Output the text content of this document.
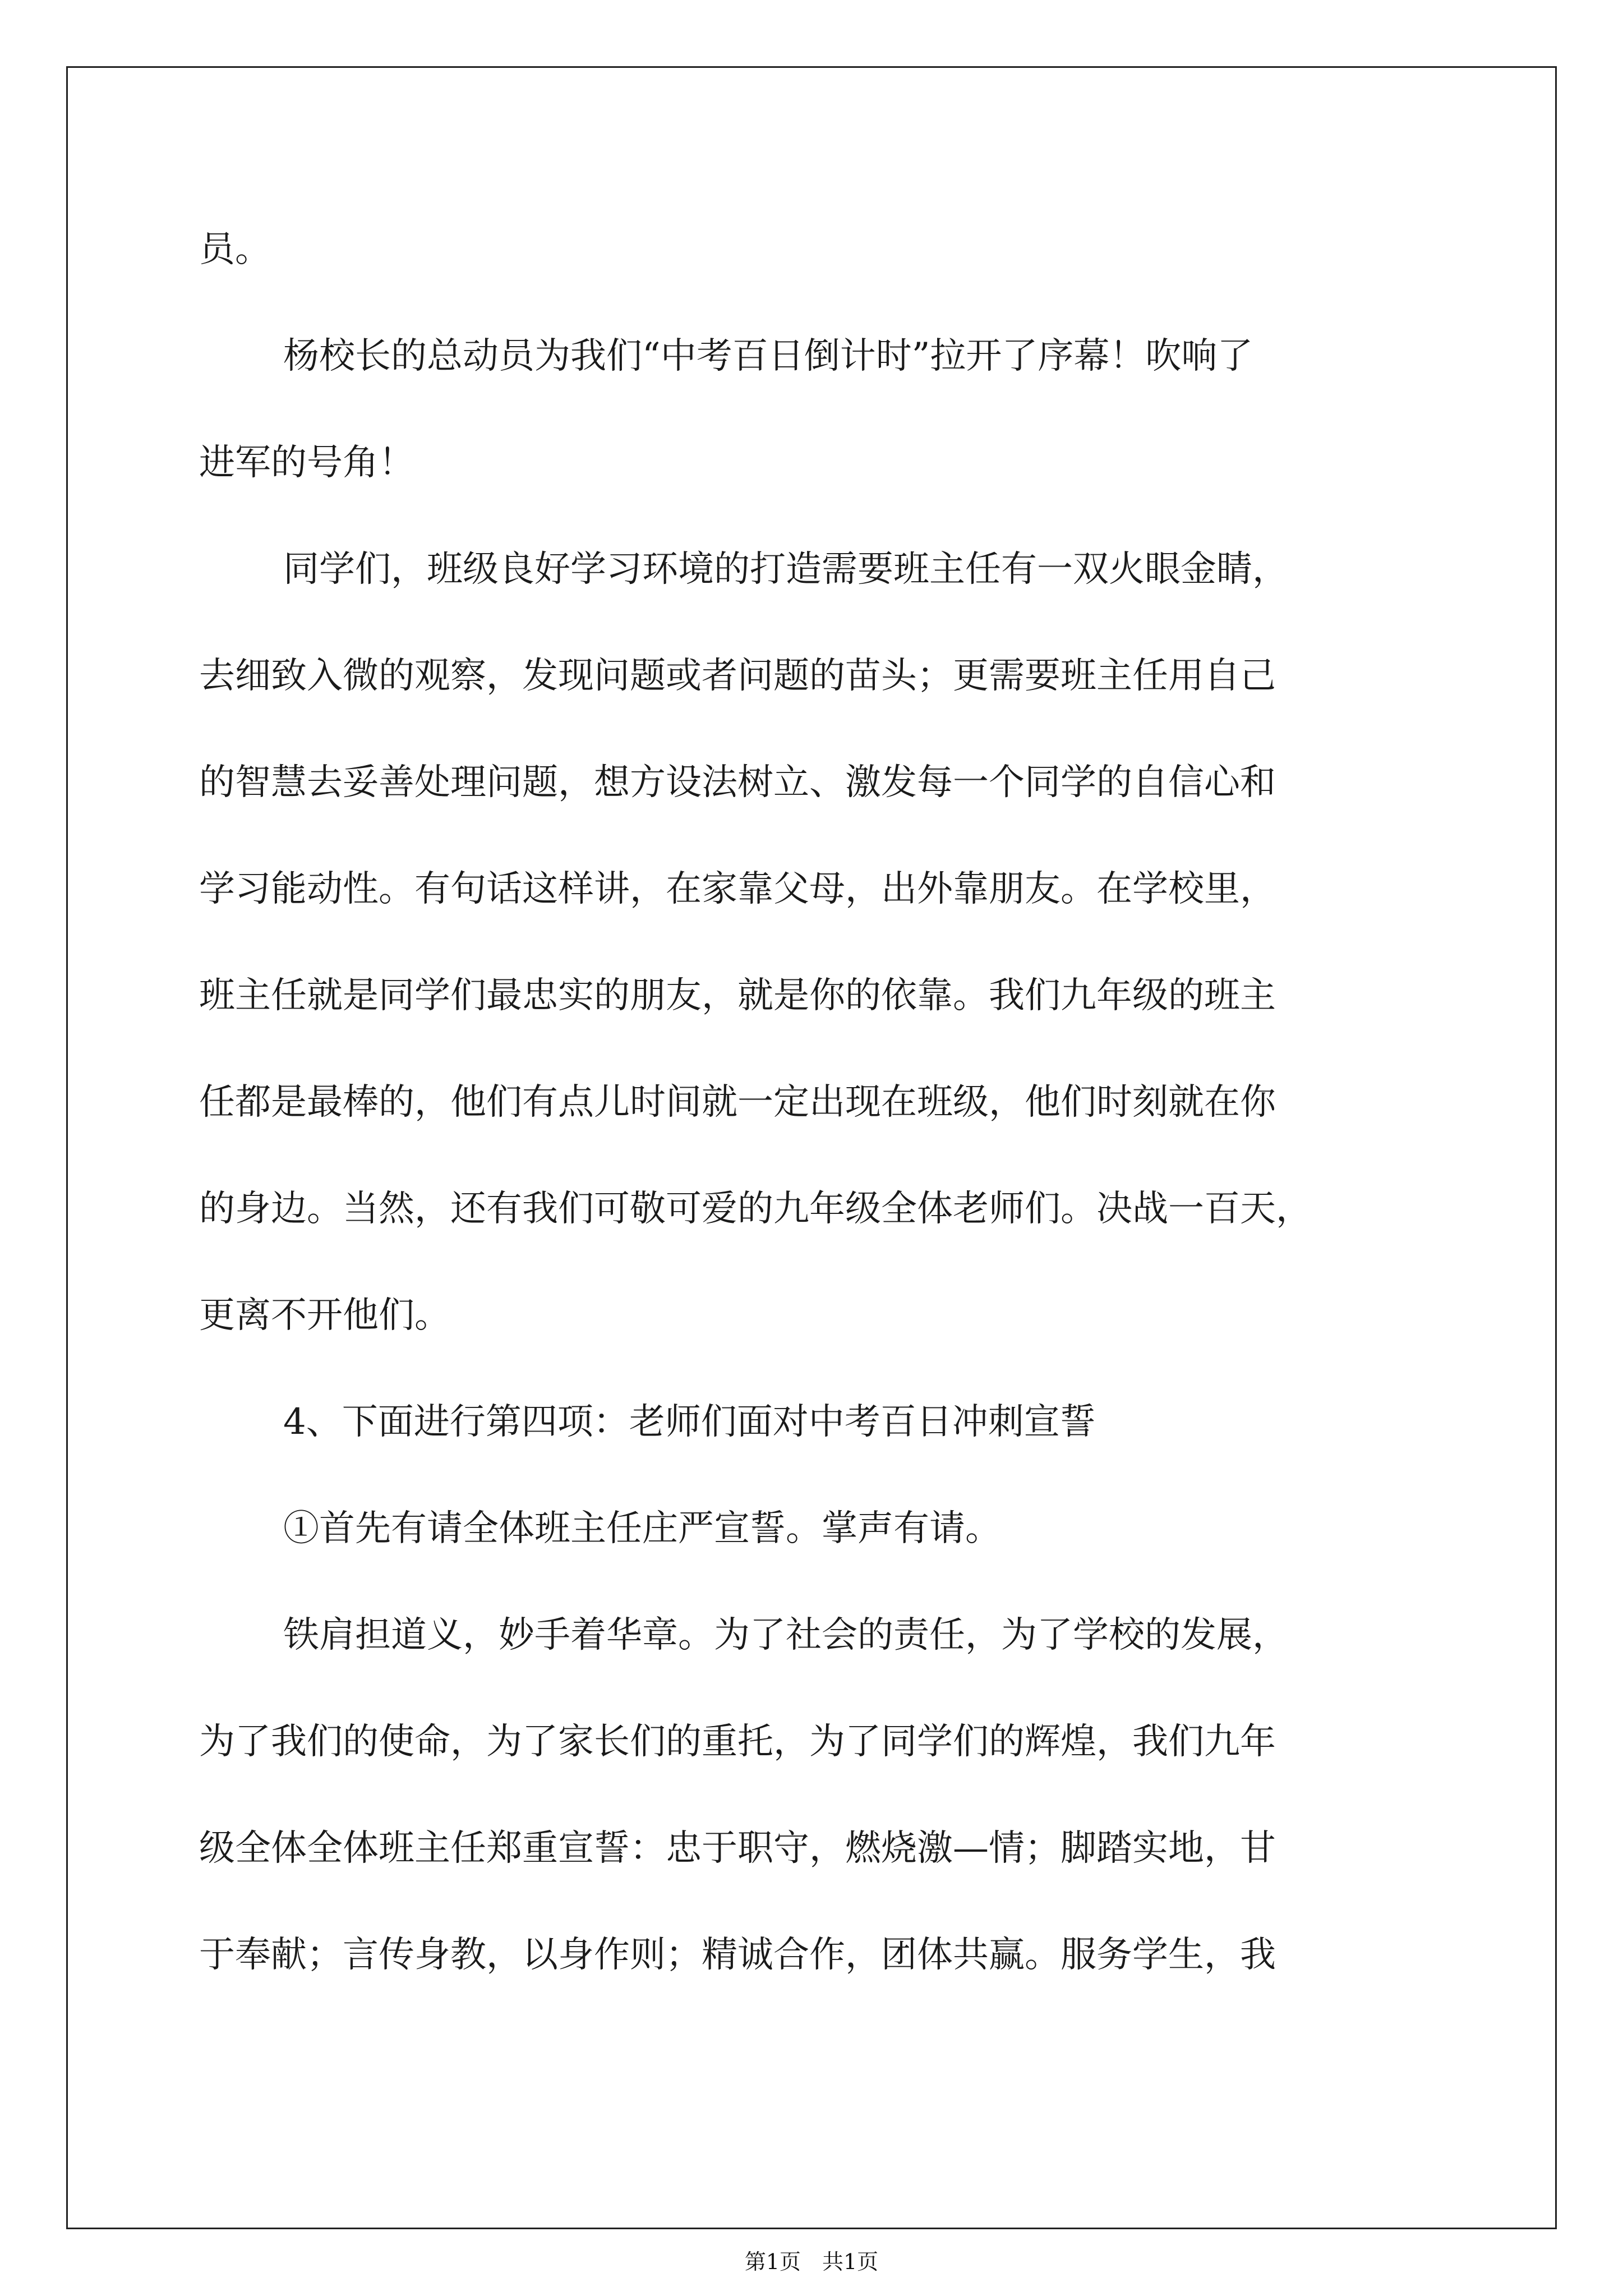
员。
杨校长的总动员为我们“中考百日倒计时”拉开了序幕！吹响了
进军的号角！
同学们，班级良好学习环境的打造需要班主任有一双火眼金睛，
去细致入微的观察，发现问题或者问题的苗头；更需要班主任用自己
的智慧去妥善处理问题，想方设法树立、激发每一个同学的自信心和
学习能动性。有句话这样讲，在家靠父母，出外靠朋友。在学校里，
班主任就是同学们最忠实的朋友，就是你的依靠。我们九年级的班主
任都是最棒的，他们有点儿时间就一定出现在班级，他们时刻就在你
的身边。当然，还有我们可敬可爱的九年级全体老师们。决战一百天，
更离不开他们。
4、下面进行第四项：老师们面对中考百日冲刺宣誓
①首先有请全体班主任庄严宣誓。掌声有请。
铁肩担道义，妙手着华章。为了社会的责任，为了学校的发展，
为了我们的使命，为了家长们的重托，为了同学们的辉煌，我们九年
级全体全体班主任郑重宣誓：忠于职守，燃烧激—情；脚踏实地，甘
于奉献；言传身教，以身作则；精诚合作，团体共赢。服务学生，我
第1页　共1页
